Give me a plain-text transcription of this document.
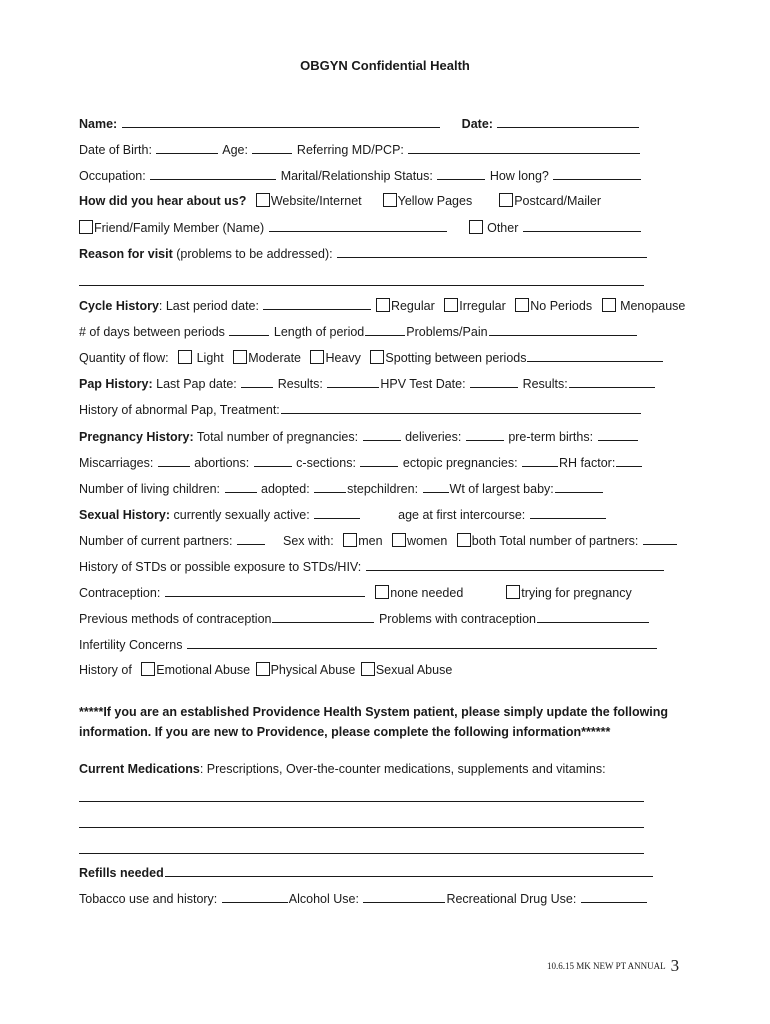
OBGYN Confidential Health
Name:	Date:
Date of Birth:	Age:	Referring MD/PCP:
Occupation:	Marital/Relationship Status:	How long?
How did you hear about us? Website/Internet	Yellow Pages	Postcard/Mailer
Friend/Family Member (Name)	Other
Reason for visit (problems to be addressed):
Cycle History: Last period date:	Regular Irregular No Periods Menopause
# of days between periods	Length of period	Problems/Pain
Quantity of flow: Light Moderate Heavy Spotting between periods
Pap History: Last Pap date:	Results:	HPV Test Date:	Results:
History of abnormal Pap, Treatment:
Pregnancy History: Total number of pregnancies:	deliveries:	pre-term births:
Miscarriages:	abortions:	c-sections:	ectopic pregnancies:	RH factor:
Number of living children:	adopted:	stepchildren:	Wt of largest baby:
Sexual History: currently sexually active:	age at first intercourse:
Number of current partners:	Sex with: men women both Total number of partners:
History of STDs or possible exposure to STDs/HIV:
Contraception:	none needed	trying for pregnancy
Previous methods of contraception	Problems with contraception
Infertility Concerns
History of Emotional Abuse Physical Abuse Sexual Abuse
*****If you are an established Providence Health System patient, please simply update the following information. If you are new to Providence, please complete the following information******
Current Medications: Prescriptions, Over-the-counter medications, supplements and vitamins:
Refills needed
Tobacco use and history:	Alcohol Use:	Recreational Drug Use:
10.6.15 MK NEW PT ANNUAL 3
